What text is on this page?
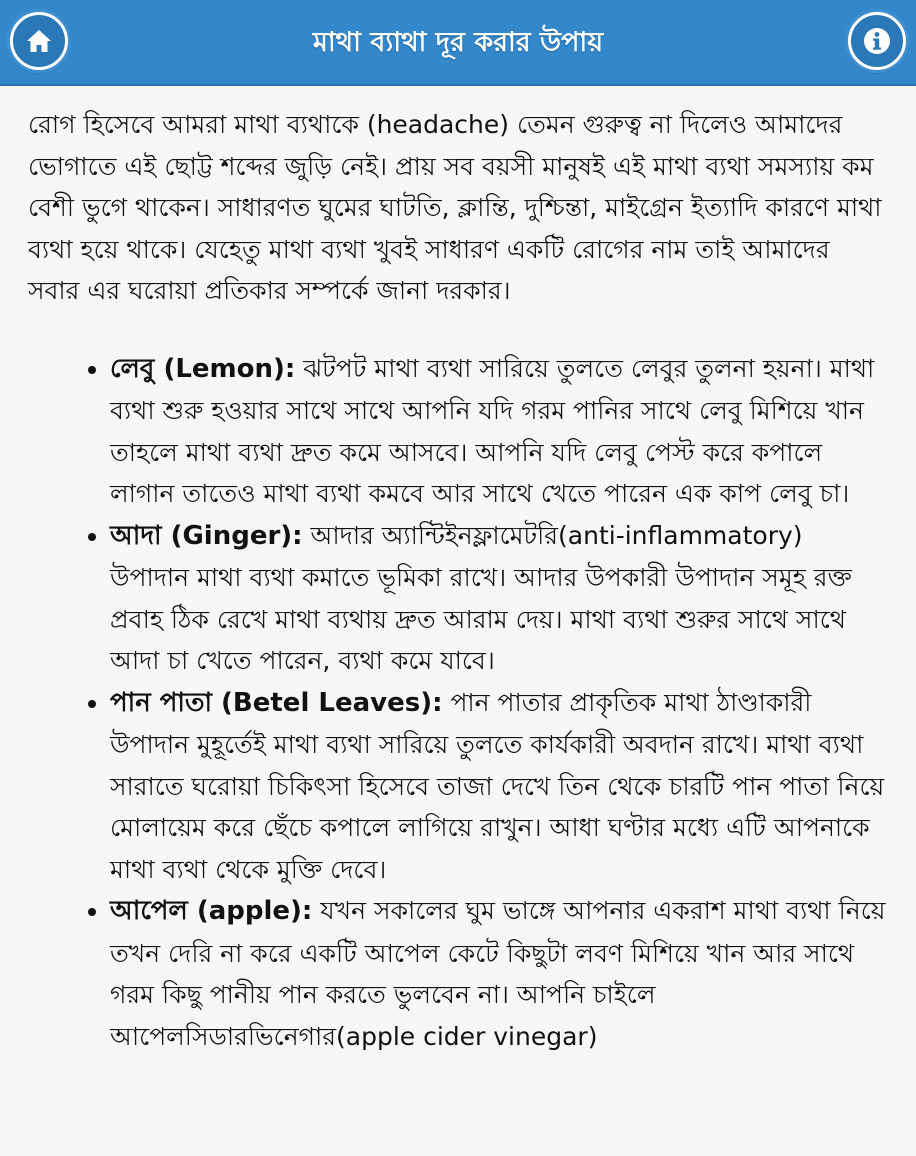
মাথা ব্যাথা দূর করার উপায়

রোগ হিসেবে আমরা মাথা ব্যথাকে (headache) তেমন গুরুত্ব না দিলেও আমাদের ভোগাতে এই ছোট্ট শব্দের জুড়ি নেই। প্রায় সব বয়সী মানুষই এই মাথা ব্যথা সমস্যায় কম বেশী ভুগে থাকেন। সাধারণত ঘুমের ঘাটতি, ক্লান্তি, দুশ্চিন্তা, মাইগ্রেন ইত্যাদি কারণে মাথা ব্যথা হয়ে থাকে। যেহেতু মাথা ব্যথা খুবই সাধারণ একটি রোগের নাম তাই আমাদের সবার এর ঘরোয়া প্রতিকার সম্পর্কে জানা দরকার।

• লেবু (Lemon): ঝটপট মাথা ব্যথা সারিয়ে তুলতে লেবুর তুলনা হয়না। মাথা ব্যথা শুরু হওয়ার সাথে সাথে আপনি যদি গরম পানির সাথে লেবু মিশিয়ে খান তাহলে মাথা ব্যথা দ্রুত কমে আসবে। আপনি যদি লেবু পেস্ট করে কপালে লাগান তাতেও মাথা ব্যথা কমবে আর সাথে খেতে পারেন এক কাপ লেবু চা।
• আদা (Ginger): আদার অ্যান্টিইনফ্লামেটরি(anti-inflammatory) উপাদান মাথা ব্যথা কমাতে ভূমিকা রাখে। আদার উপকারী উপাদান সমূহ রক্ত প্রবাহ ঠিক রেখে মাথা ব্যথায় দ্রুত আরাম দেয়। মাথা ব্যথা শুরুর সাথে সাথে আদা চা খেতে পারেন, ব্যথা কমে যাবে।
• পান পাতা (Betel Leaves): পান পাতার প্রাকৃতিক মাথা ঠাণ্ডাকারী উপাদান মুহূর্তেই মাথা ব্যথা সারিয়ে তুলতে কার্যকারী অবদান রাখে। মাথা ব্যথা সারাতে ঘরোয়া চিকিৎসা হিসেবে তাজা দেখে তিন থেকে চারটি পান পাতা নিয়ে মোলায়েম করে ছেঁচে কপালে লাগিয়ে রাখুন। আধা ঘণ্টার মধ্যে এটি আপনাকে মাথা ব্যথা থেকে মুক্তি দেবে।
• আপেল (apple): যখন সকালের ঘুম ভাঙ্গে আপনার একরাশ মাথা ব্যথা নিয়ে তখন দেরি না করে একটি আপেল কেটে কিছুটা লবণ মিশিয়ে খান আর সাথে গরম কিছু পানীয় পান করতে ভুলবেন না। আপনি চাইলে আপেলসিডারভিনেগার(apple cider vinegar)
